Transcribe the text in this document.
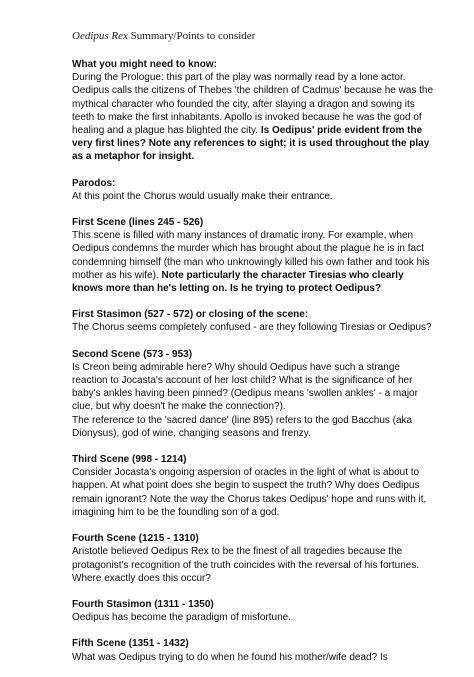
Oedipus Rex Summary/Points to consider
What you might need to know:
During the Prologue: this part of the play was normally read by a lone actor. Oedipus calls the citizens of Thebes 'the children of Cadmus' because he was the mythical character who founded the city, after slaying a dragon and sowing its teeth to make the first inhabitants. Apollo is invoked because he was the god of healing and a plague has blighted the city. Is Oedipus' pride evident from the very first lines? Note any references to sight; it is used throughout the play as a metaphor for insight.
Parodos:
At this point the Chorus would usually make their entrance.
First Scene (lines 245 - 526)
This scene is filled with many instances of dramatic irony. For example, when Oedipus condemns the murder which has brought about the plague he is in fact condemning himself (the man who unknowingly killed his own father and took his mother as his wife). Note particularly the character Tiresias who clearly knows more than he's letting on. Is he trying to protect Oedipus?
First Stasimon (527 - 572) or closing of the scene:
The Chorus seems completely confused - are they following Tiresias or Oedipus?
Second Scene (573 - 953)
Is Creon being admirable here? Why should Oedipus have such a strange reaction to Jocasta's account of her lost child? What is the significance of her baby's ankles having been pinned? (Oedipus means 'swollen ankles' - a major clue, but why doesn't he make the connection?).
The reference to the 'sacred dance' (line 895) refers to the god Bacchus (aka Dionysus), god of wine, changing seasons and frenzy.
Third Scene (998 - 1214)
Consider Jocasta's ongoing aspersion of oracles in the light of what is about to happen. At what point does she begin to suspect the truth? Why does Oedipus remain ignorant? Note the way the Chorus takes Oedipus' hope and runs with it, imagining him to be the foundling son of a god.
Fourth Scene (1215 - 1310)
Aristotle believed Oedipus Rex to be the finest of all tragedies because the protagonist's recognition of the truth coincides with the reversal of his fortunes. Where exactly does this occur?
Fourth Stasimon (1311 - 1350)
Oedipus has become the paradigm of misfortune.
Fifth Scene (1351 - 1432)
What was Oedipus trying to do when he found his mother/wife dead? Is
